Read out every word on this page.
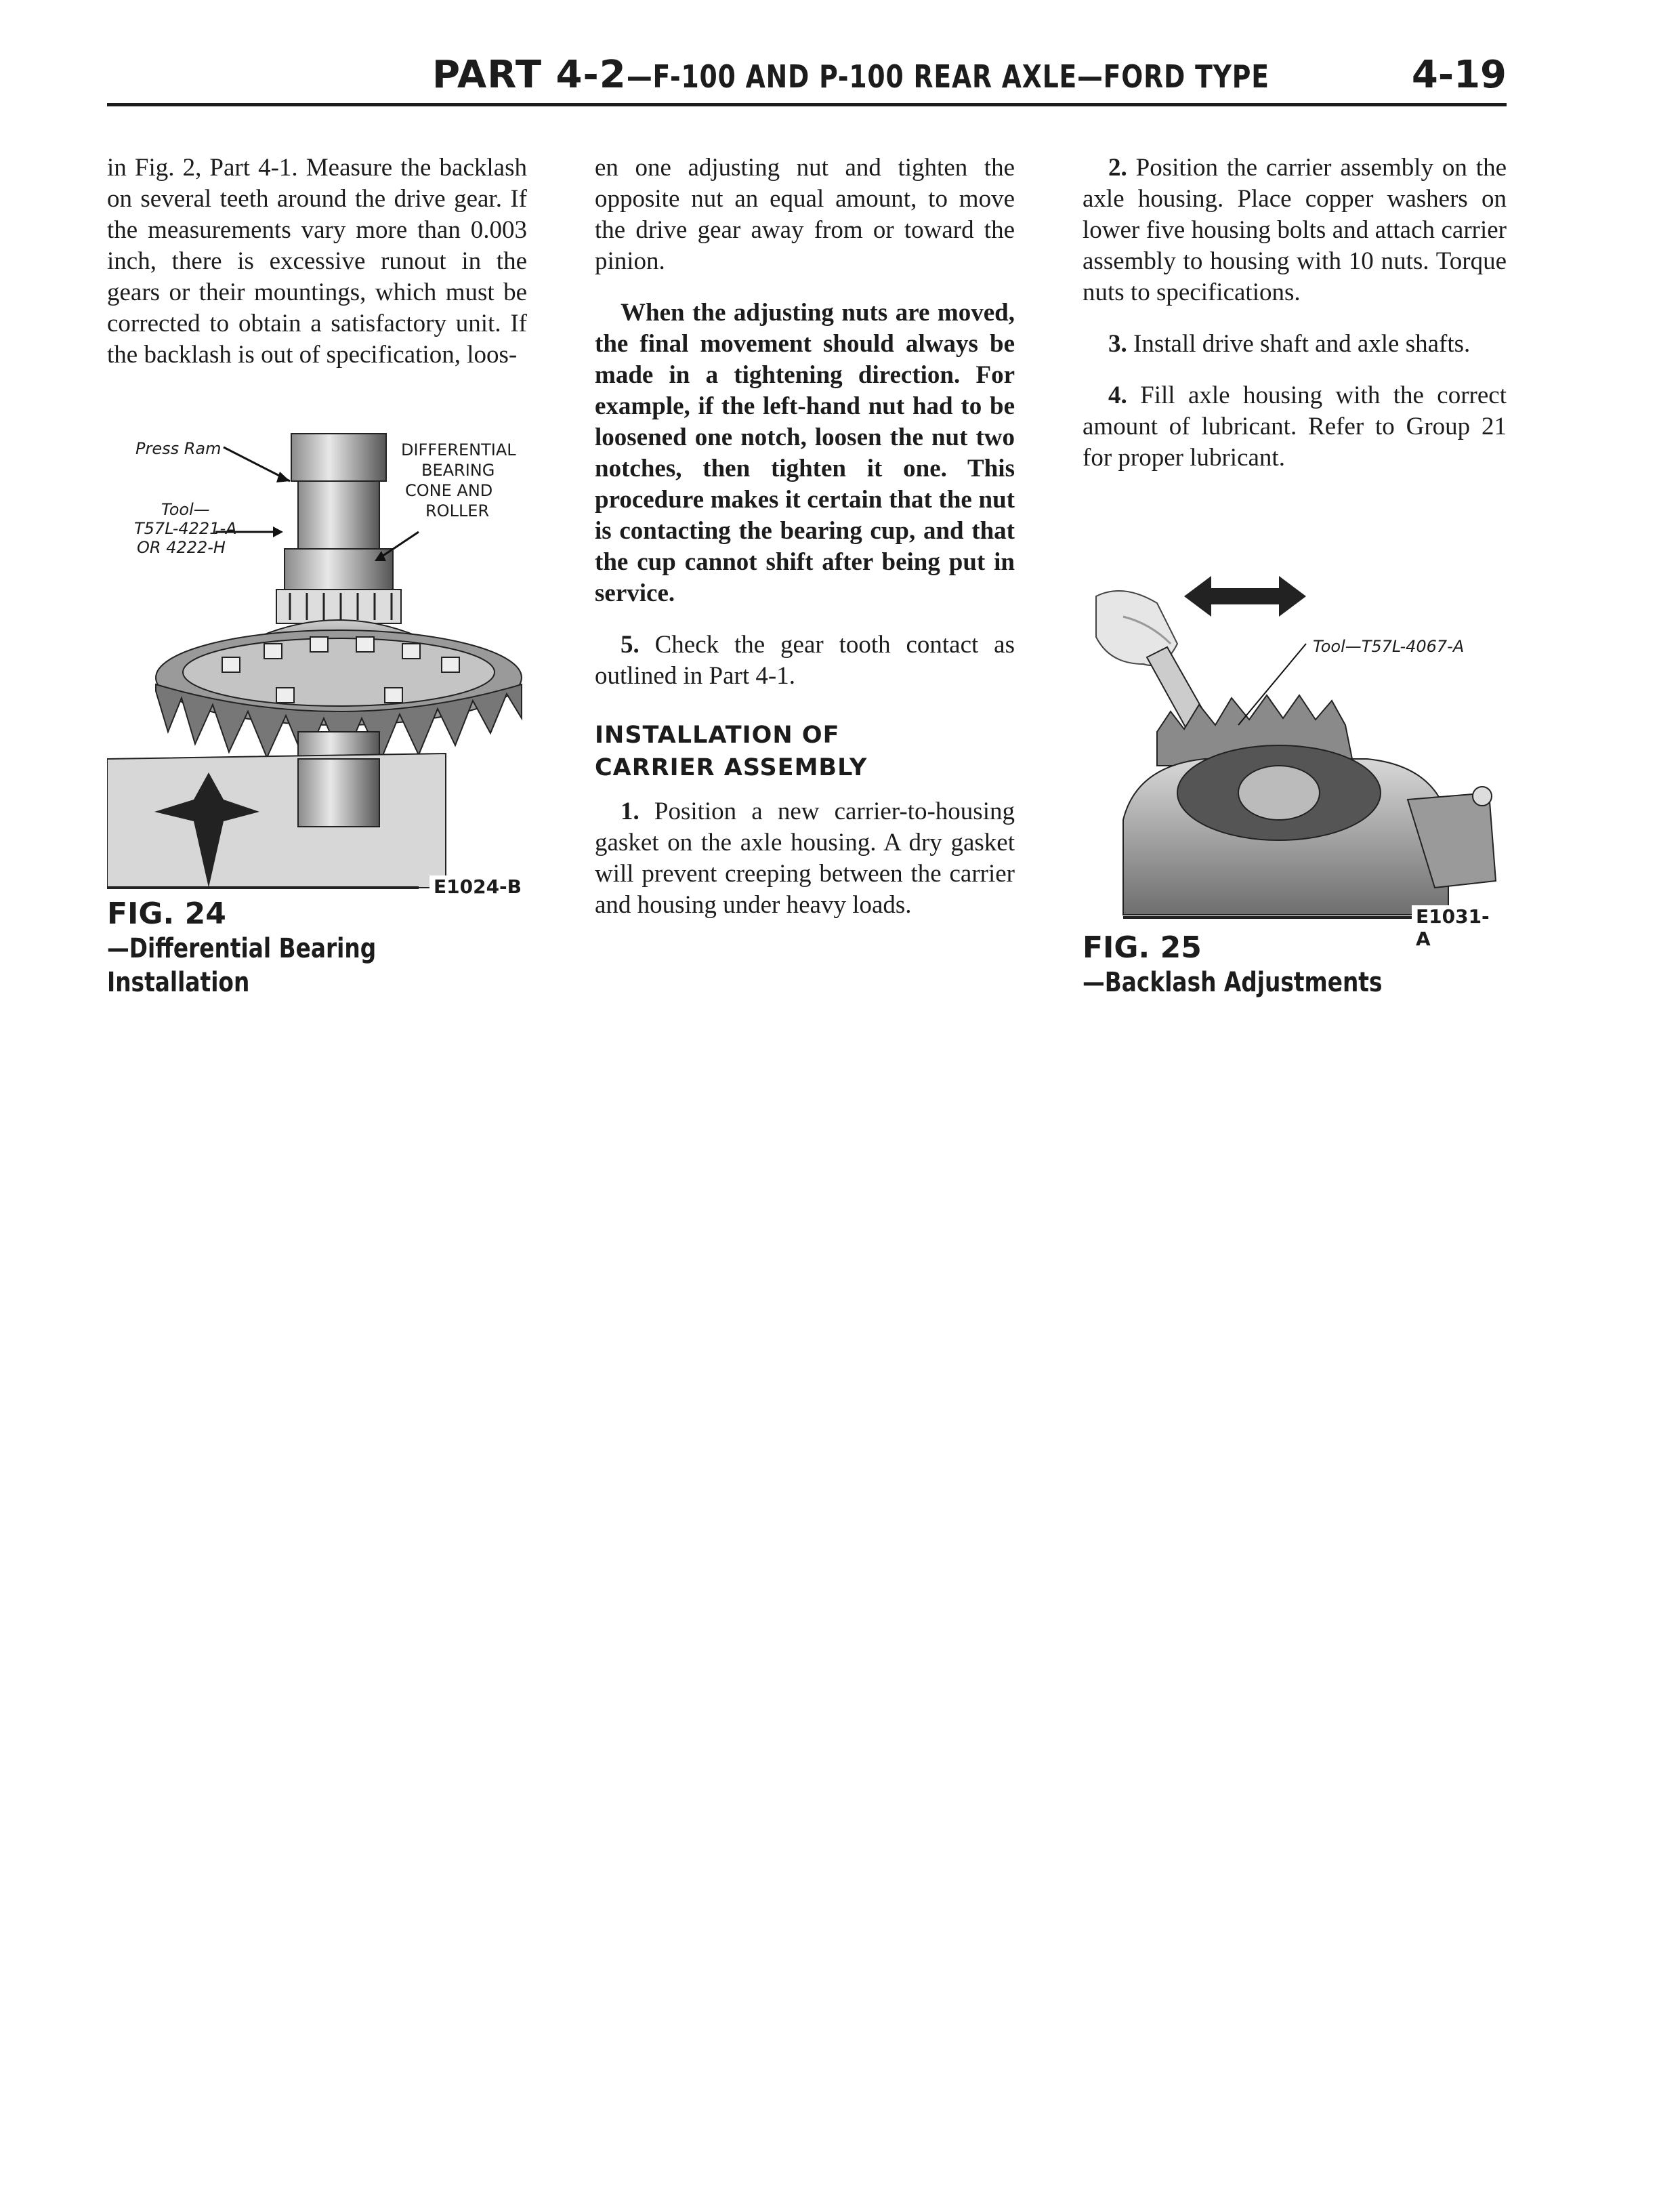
PART 4-2—F-100 AND P-100 REAR AXLE—FORD TYPE	4-19

in Fig. 2, Part 4-1. Measure the backlash on several teeth around the drive gear. If the measurements vary more than 0.003 inch, there is excessive runout in the gears or their mountings, which must be corrected to obtain a satisfactory unit. If the backlash is out of specification, loos-

Press Ram
Tool—
T57L-4221-A
OR 4222-H
DIFFERENTIAL
BEARING
CONE AND
ROLLER
E1024-B
FIG. 24—Differential Bearing
Installation

en one adjusting nut and tighten the opposite nut an equal amount, to move the drive gear away from or toward the pinion.

When the adjusting nuts are moved, the final movement should always be made in a tightening direction. For example, if the left-hand nut had to be loosened one notch, loosen the nut two notches, then tighten it one. This procedure makes it certain that the nut is contacting the bearing cup, and that the cup cannot shift after being put in service.

5. Check the gear tooth contact as outlined in Part 4-1.

INSTALLATION OF
CARRIER ASSEMBLY

1. Position a new carrier-to-housing gasket on the axle housing. A dry gasket will prevent creeping between the carrier and housing under heavy loads.

2. Position the carrier assembly on the axle housing. Place copper washers on lower five housing bolts and attach carrier assembly to housing with 10 nuts. Torque nuts to specifications.

3. Install drive shaft and axle shafts.

4. Fill axle housing with the correct amount of lubricant. Refer to Group 21 for proper lubricant.

Tool—T57L-4067-A
E1031-A
FIG. 25—Backlash Adjustments
